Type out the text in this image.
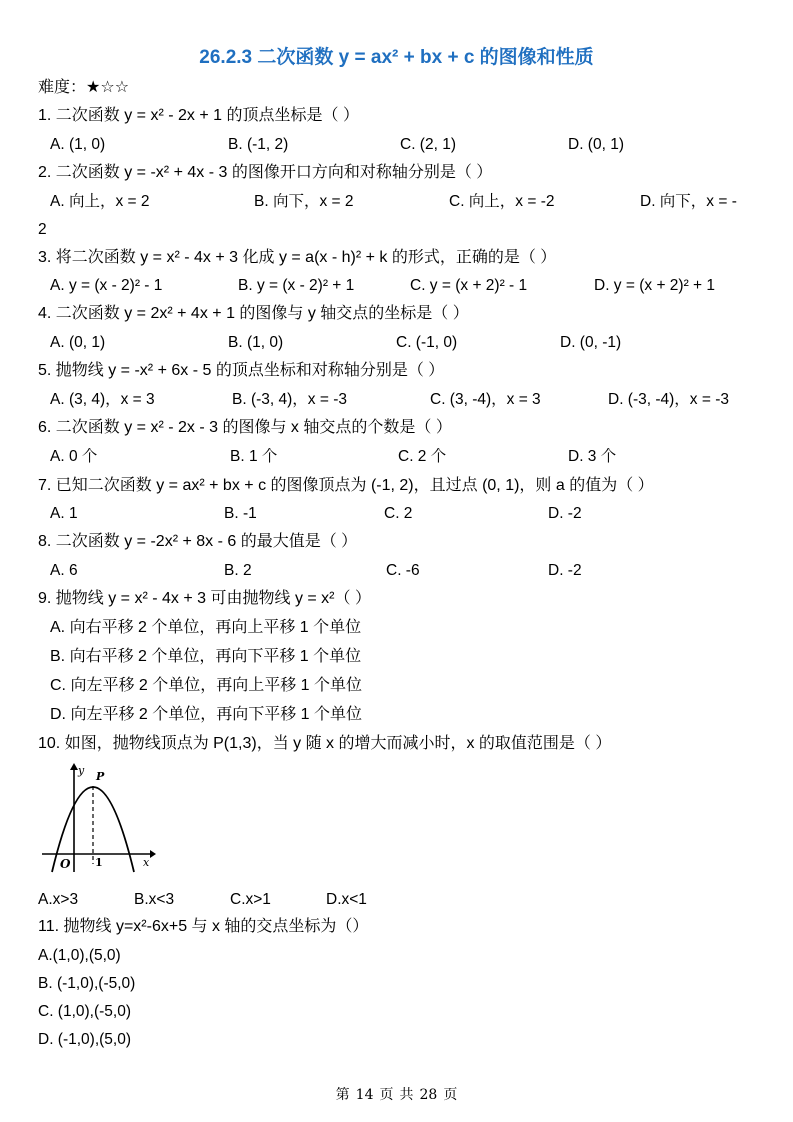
26.2.3 二次函数 y = ax² + bx + c 的图像和性质
难度：★☆☆
1. 二次函数 y = x² - 2x + 1 的顶点坐标是（ ）
A. (1, 0)	B. (-1, 2)	C. (2, 1)	D. (0, 1)
2. 二次函数 y = -x² + 4x - 3 的图像开口方向和对称轴分别是（ ）
A. 向上，x = 2	B. 向下，x = 2	C. 向上，x = -2	D. 向下，x = -
2
3. 将二次函数 y = x² - 4x + 3 化成 y = a(x - h)² + k 的形式，正确的是（ ）
A. y = (x - 2)² - 1	B. y = (x - 2)² + 1	C. y = (x + 2)² - 1	D. y = (x + 2)² + 1
4. 二次函数 y = 2x² + 4x + 1 的图像与 y 轴交点的坐标是（ ）
A. (0, 1)	B. (1, 0)	C. (-1, 0)	D. (0, -1)
5. 抛物线 y = -x² + 6x - 5 的顶点坐标和对称轴分别是（ ）
A. (3, 4)，x = 3	B. (-3, 4)，x = -3	C. (3, -4)，x = 3	D. (-3, -4)，x = -3
6. 二次函数 y = x² - 2x - 3 的图像与 x 轴交点的个数是（ ）
A. 0 个	B. 1 个	C. 2 个	D. 3 个
7. 已知二次函数 y = ax² + bx + c 的图像顶点为 (-1, 2)，且过点 (0, 1)，则 a 的值为（ ）
A. 1	B. -1	C. 2	D. -2
8. 二次函数 y = -2x² + 8x - 6 的最大值是（ ）
A. 6	B. 2	C. -6	D. -2
9. 抛物线 y = x² - 4x + 3 可由抛物线 y = x²（ ）
A. 向右平移 2 个单位，再向上平移 1 个单位
B. 向右平移 2 个单位，再向下平移 1 个单位
C. 向左平移 2 个单位，再向上平移 1 个单位
D. 向左平移 2 个单位，再向下平移 1 个单位
10. 如图，抛物线顶点为 P(1,3)，当 y 随 x 的增大而减小时，x 的取值范围是（ ）
y
x
P
O 1
A.x>3	B.x<3	C.x>1	D.x<1
11. 抛物线 y=x²-6x+5 与 x 轴的交点坐标为（）
A.(1,0),(5,0)
B. (-1,0),(-5,0)
C. (1,0),(-5,0)
D. (-1,0),(5,0)
第 14 页 共 28 页
